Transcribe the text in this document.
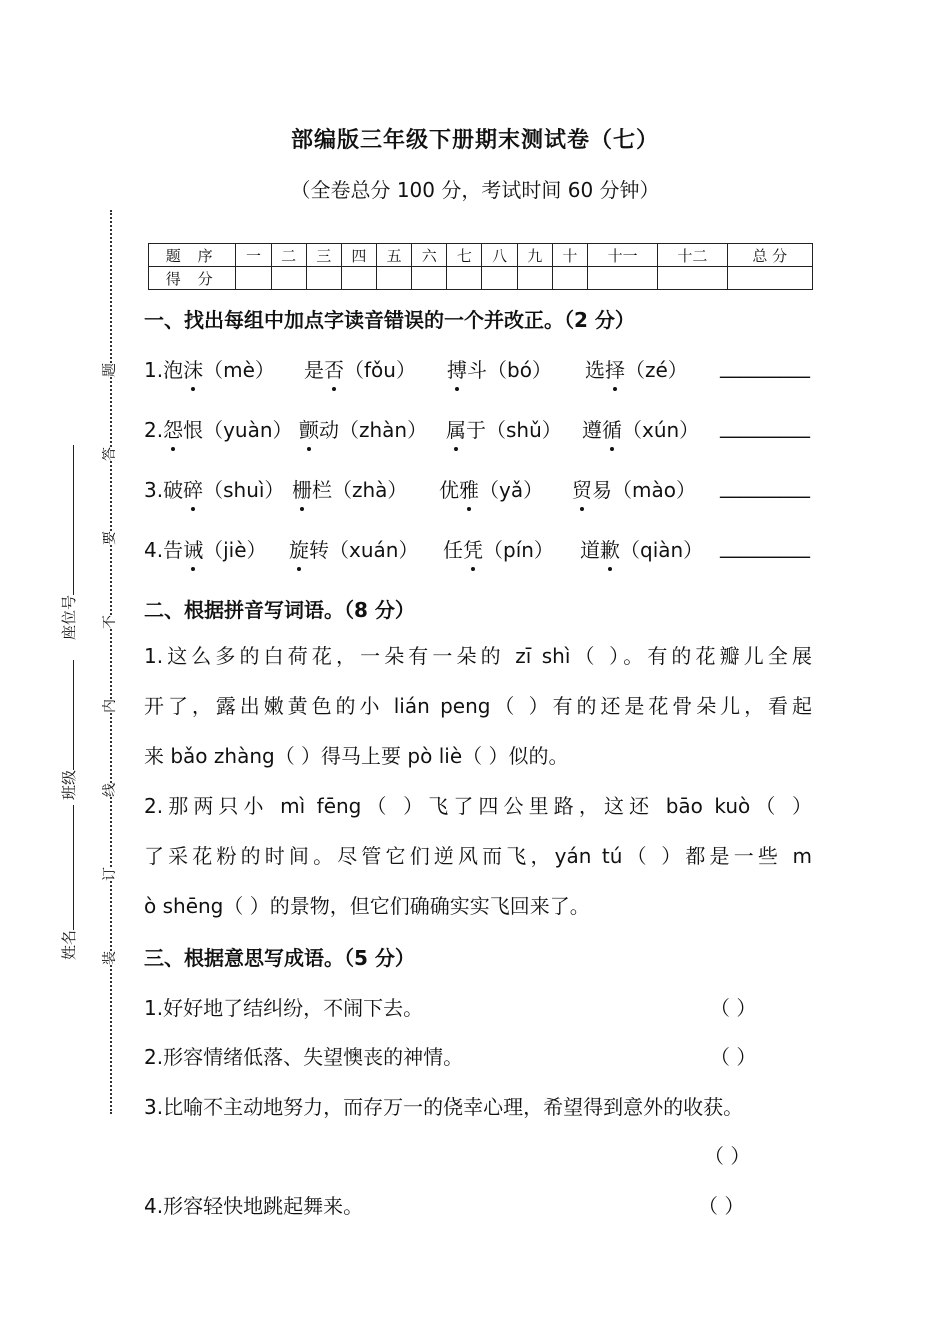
座位号
班级
姓名
题
答
要
不
内
线
订
装
部编版三年级下册期末测试卷（七）
（全卷总分 100 分，考试时间 60 分钟）
题 序	一	二	三	四	五	六	七	八	九	十	十一	十二	总 分
得 分													
一、找出每组中加点字读音错误的一个并改正。（2 分）
1.泡沫（mè） 是否（fǒu） 搏斗（bó） 选择（zé） _________
2.怨恨（yuàn） 颤动（zhàn） 属于（shǔ） 遵循（xún） _________
3.破碎（shuì） 栅栏（zhà） 优雅（yǎ） 贸易（mào） _________
4.告诫（jiè） 旋转（xuán） 任凭（pín） 道歉（qiàn） _________
二、根据拼音写词语。（8 分）
1.这么多的白荷花，一朵有一朵的 zī shì（ ）。有的花瓣儿全展
开了，露出嫩黄色的小 lián peng（ ）有的还是花骨朵儿，看起
来 bǎo zhàng（ ）得马上要 pò liè（ ）似的。
2.那两只小 mì fēng（ ）飞了四公里路，这还 bāo kuò（ ）
了采花粉的时间。尽管它们逆风而飞，yán tú（ ）都是一些 m
ò shēng（ ）的景物，但它们确确实实飞回来了。
三、根据意思写成语。（5 分）
1.好好地了结纠纷，不闹下去。	（ ）
2.形容情绪低落、失望懊丧的神情。	（ ）
3.比喻不主动地努力，而存万一的侥幸心理，希望得到意外的收获。
（ ）
4.形容轻快地跳起舞来。	（ ）
